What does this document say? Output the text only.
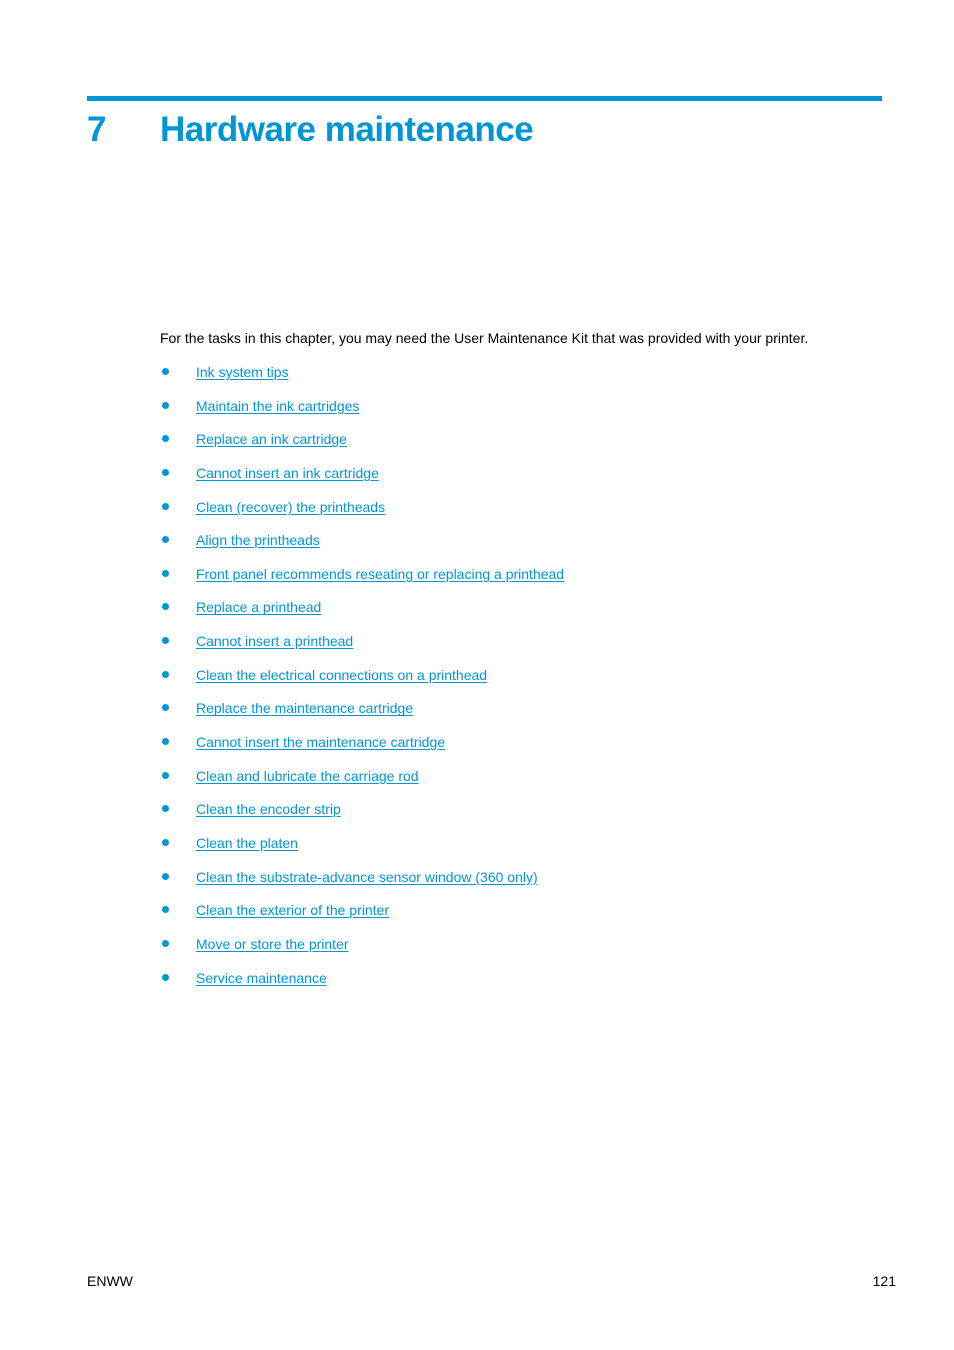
7 Hardware maintenance

For the tasks in this chapter, you may need the User Maintenance Kit that was provided with your printer.

Ink system tips
Maintain the ink cartridges
Replace an ink cartridge
Cannot insert an ink cartridge
Clean (recover) the printheads
Align the printheads
Front panel recommends reseating or replacing a printhead
Replace a printhead
Cannot insert a printhead
Clean the electrical connections on a printhead
Replace the maintenance cartridge
Cannot insert the maintenance cartridge
Clean and lubricate the carriage rod
Clean the encoder strip
Clean the platen
Clean the substrate-advance sensor window (360 only)
Clean the exterior of the printer
Move or store the printer
Service maintenance
ENWW	121
